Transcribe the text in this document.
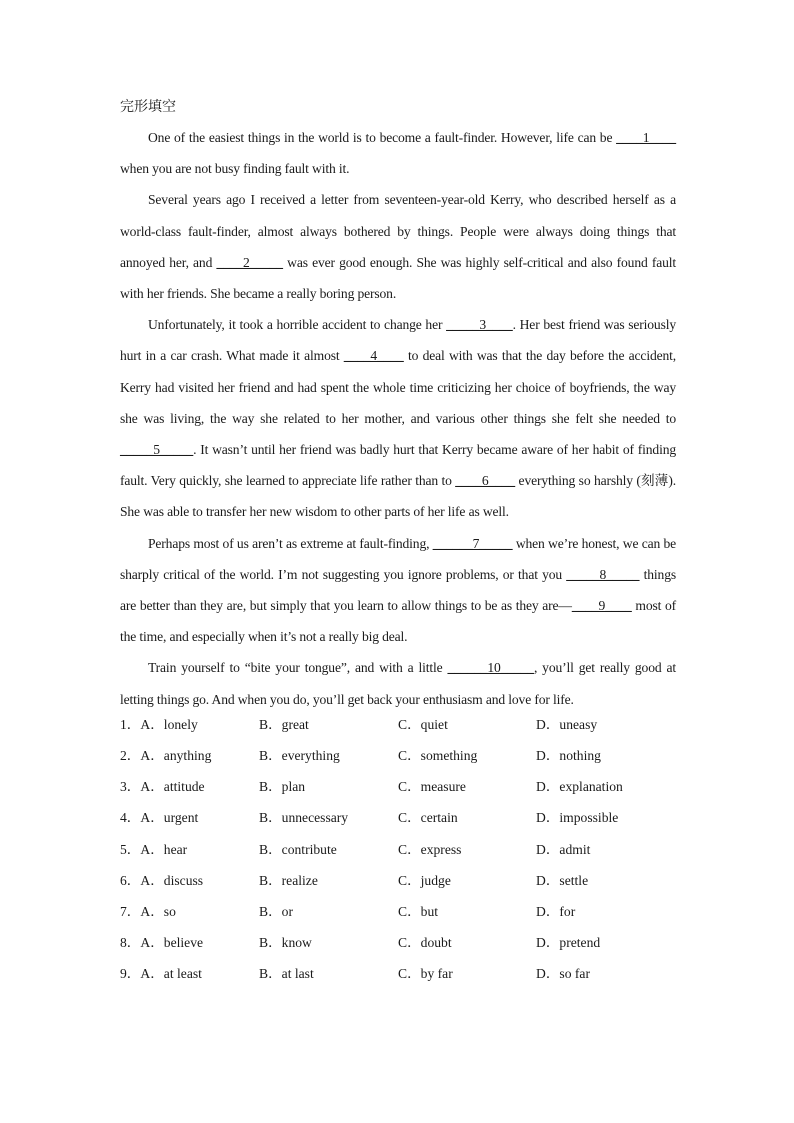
完形填空

One of the easiest things in the world is to become a fault-finder. However, life can be ____1____ when you are not busy finding fault with it.

Several years ago I received a letter from seventeen-year-old Kerry, who described herself as a world-class fault-finder, almost always bothered by things. People were always doing things that annoyed her, and ____2_____ was ever good enough. She was highly self-critical and also found fault with her friends. She became a really boring person.

Unfortunately, it took a horrible accident to change her _____3____. Her best friend was seriously hurt in a car crash. What made it almost ____4____ to deal with was that the day before the accident, Kerry had visited her friend and had spent the whole time criticizing her choice of boyfriends, the way she was living, the way she related to her mother, and various other things she felt she needed to _____5_____. It wasn’t until her friend was badly hurt that Kerry became aware of her habit of finding fault. Very quickly, she learned to appreciate life rather than to ____6____ everything so harshly (刻薄). She was able to transfer her new wisdom to other parts of her life as well.

Perhaps most of us aren’t as extreme at fault-finding, ______7_____ when we’re honest, we can be sharply critical of the world. I’m not suggesting you ignore problems, or that you _____8_____ things are better than they are, but simply that you learn to allow things to be as they are—____9____ most of the time, and especially when it’s not a really big deal.

Train yourself to “bite your tongue”, and with a little ______10_____, you’ll get really good at letting things go. And when you do, you’ll get back your enthusiasm and love for life.

1．A．lonely	B．great	C．quiet	D．uneasy
2．A．anything	B．everything	C．something	D．nothing
3．A．attitude	B．plan	C．measure	D．explanation
4．A．urgent	B．unnecessary	C．certain	D．impossible
5．A．hear	B．contribute	C．express	D．admit
6．A．discuss	B．realize	C．judge	D．settle
7．A．so	B．or	C．but	D．for
8．A．believe	B．know	C．doubt	D．pretend
9．A．at least	B．at last	C．by far	D．so far
